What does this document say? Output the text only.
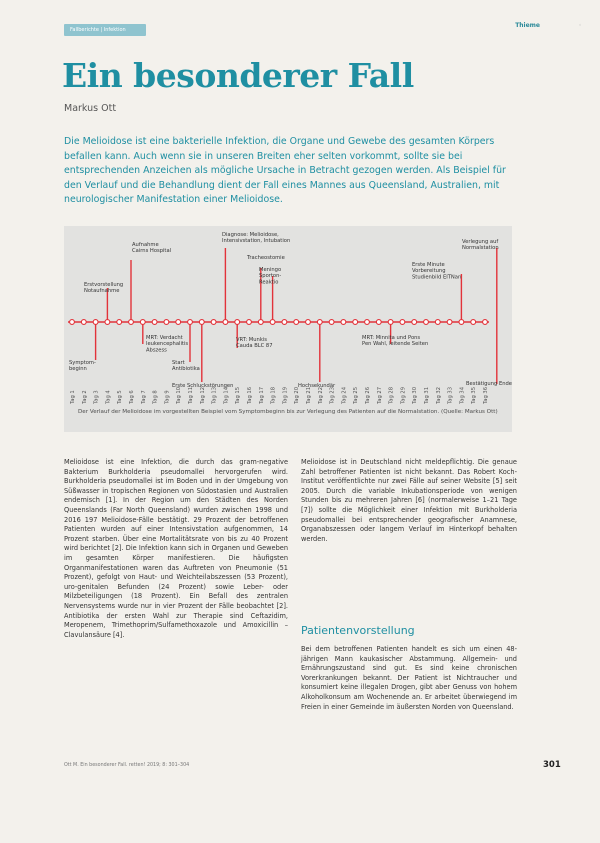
Fallberichte | Infektion
Thieme	◦
Ein besonderer Fall
Markus Ott
Die Melioidose ist eine bakterielle Infektion, die Organe und Gewebe des gesamten Körpers befallen kann. Auch wenn sie in unseren Breiten eher selten vorkommt, sollte sie bei entsprechenden Anzeichen als mögliche Ursache in Betracht gezogen werden. Als Beispiel für den Verlauf und die Behandlung dient der Fall eines Mannes aus Queensland, Australien, mit neurologischer Manifestation einer Melioidose.
Aufnahme Cairns Hospital
Erstvorstellung Notaufnahme
Diagnose: Melioidose, Intensivstation, Intubation
Tracheostomie
Meningo Sporton-Reaktio
Erste Minute Vorbereitung Studienbild EITNan
Verlegung auf Normalstation
MRT: Verdacht leukencephalitis Abszess
Symptom-beginn
Start Antibiotika
VRT: Munkis Cauda BLC 87
Erste Schluckstörungen	Hochsekundär
MRT: Minnita und Pons Pen Wahl, leitende Seiten
Bestätigung Ende
Tag 1 Tag 2 Tag 3 Tag 4 Tag 5 Tag 6 Tag 7 Tag 8 Tag 9 Tag 10 Tag 11 Tag 12 Tag 13 Tag 14 Tag 15 Tag 16 Tag 17 Tag 18 Tag 19 Tag 20 Tag 21 Tag 22 Tag 23 Tag 24 Tag 25 Tag 26 Tag 27 Tag 28 Tag 29 Tag 30 Tag 31 Tag 32 Tag 33 Tag 34 Tag 35 Tag 36
Der Verlauf der Melioidose im vorgestellten Beispiel vom Symptombeginn bis zur Verlegung des Patienten auf die Normalstation. (Quelle: Markus Ott)
Melioidose ist eine Infektion, die durch das gram-negative Bakterium Burkholderia pseudomallei hervorgerufen wird. Burkholderia pseudomallei ist im Boden und in der Umgebung von Süßwasser in tropischen Regionen von Südostasien und Australien endemisch [1]. In der Region um den Städten des Norden Queenslands (Far North Queensland) wurden zwischen 1998 und 2016 197 Melioidose-Fälle bestätigt. 29 Prozent der betroffenen Patienten wurden auf einer Intensivstation aufgenommen, 14 Prozent starben. Über eine Mortalitätsrate von bis zu 40 Prozent wird berichtet [2]. Die Infektion kann sich in Organen und Geweben im gesamten Körper manifestieren. Die häufigsten Organmanifestationen waren das Auftreten von Pneumonie (51 Prozent), gefolgt von Haut- und Weichteilabszessen (53 Prozent), uro-genitalen Befunden (24 Prozent) sowie Leber- oder Milzbeteiligungen (18 Prozent). Ein Befall des zentralen Nervensystems wurde nur in vier Prozent der Fälle beobachtet [2]. Antibiotika der ersten Wahl zur Therapie sind Ceftazidim, Meropenem, Trimethoprim/Sulfamethoxazole und Amoxicillin – Clavulansäure [4].
Melioidose ist in Deutschland nicht meldepflichtig. Die genaue Zahl betroffener Patienten ist nicht bekannt. Das Robert Koch-Institut veröffentlichte nur zwei Fälle auf seiner Website [5] seit 2005. Durch die variable Inkubationsperiode von wenigen Stunden bis zu mehreren Jahren [6] (normalerweise 1–21 Tage [7]) sollte die Möglichkeit einer Infektion mit Burkholderia pseudomallei bei entsprechender geografischer Anamnese, Organabszessen oder langem Verlauf im Hinterkopf behalten werden.
Patientenvorstellung
Bei dem betroffenen Patienten handelt es sich um einen 48-jährigen Mann kaukasischer Abstammung. Allgemein- und Ernährungszustand sind gut. Es sind keine chronischen Vorerkrankungen bekannt. Der Patient ist Nichtraucher und konsumiert keine illegalen Drogen, gibt aber Genuss von hohem Alkoholkonsum am Wochenende an. Er arbeitet überwiegend im Freien in einer Gemeinde im äußersten Norden von Queensland.
Ott M. Ein besonderer Fall. retten! 2019; 8: 301–304	301
